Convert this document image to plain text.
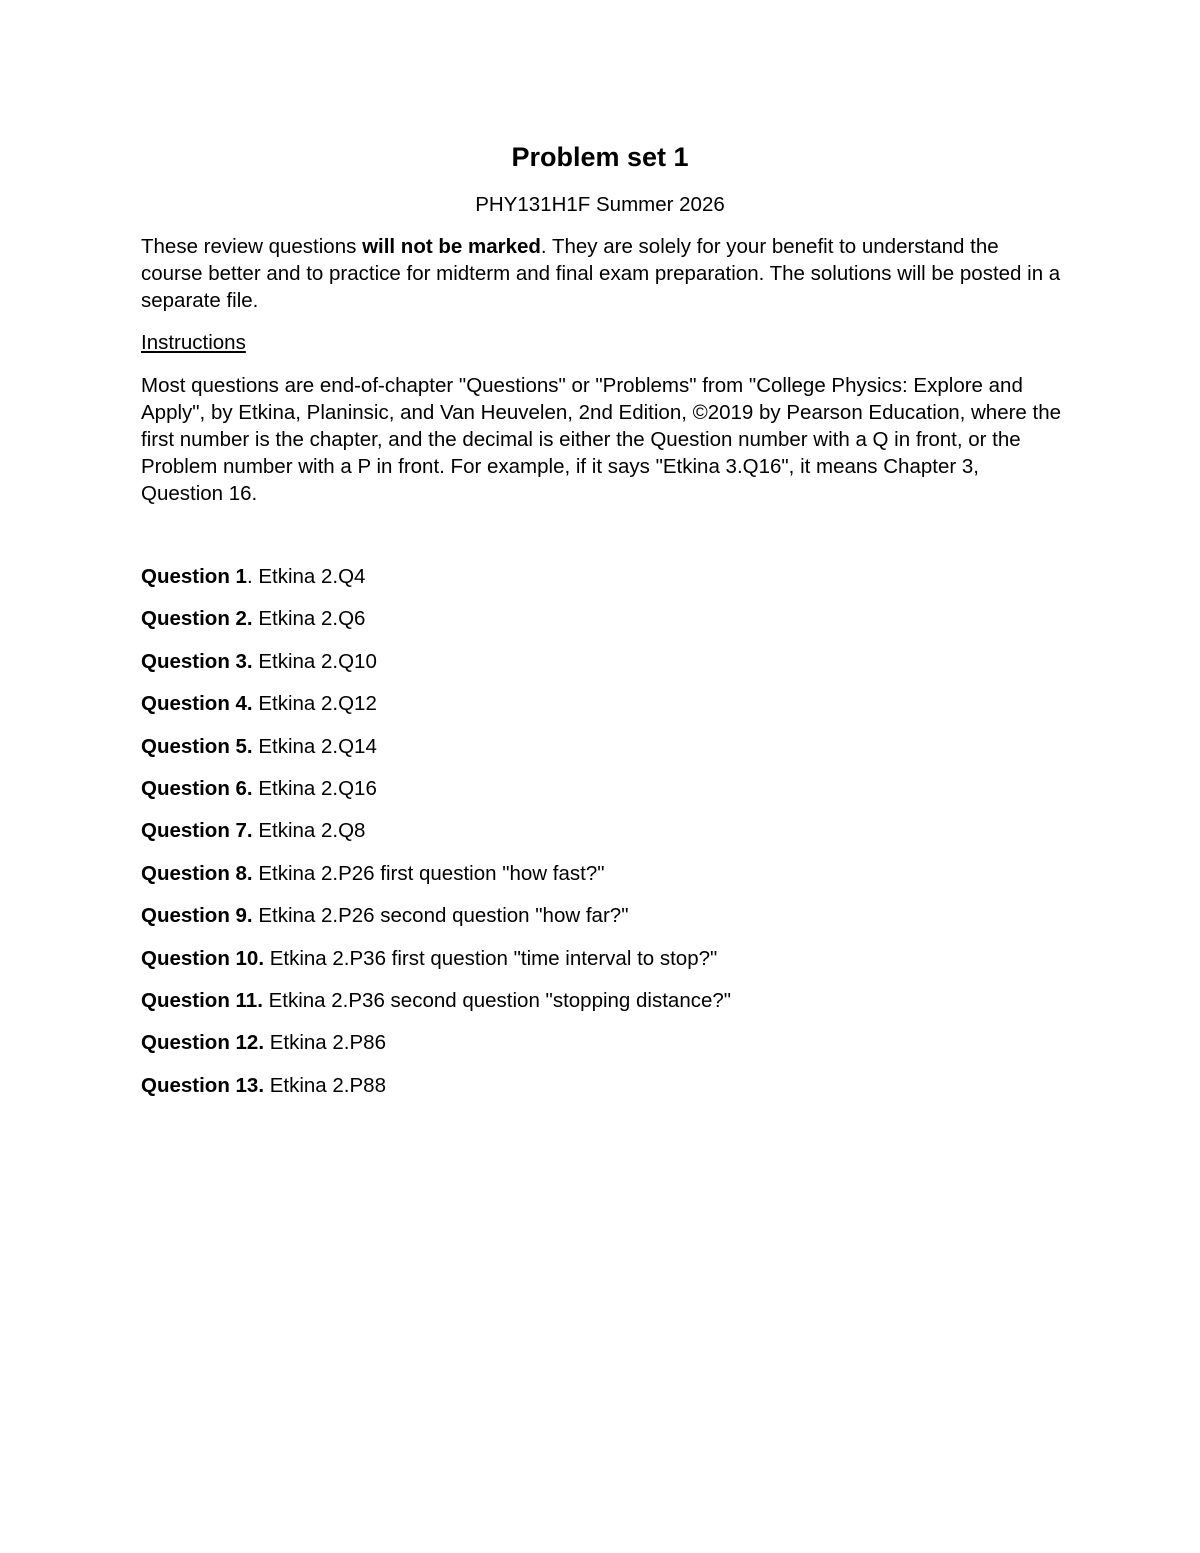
Problem set 1
PHY131H1F Summer 2026
These review questions will not be marked. They are solely for your benefit to understand the course better and to practice for midterm and final exam preparation. The solutions will be posted in a separate file.
Instructions
Most questions are end-of-chapter "Questions" or "Problems" from "College Physics: Explore and Apply", by Etkina, Planinsic, and Van Heuvelen, 2nd Edition, ©2019 by Pearson Education, where the first number is the chapter, and the decimal is either the Question number with a Q in front, or the Problem number with a P in front. For example, if it says "Etkina 3.Q16", it means Chapter 3, Question 16.
Question 1. Etkina 2.Q4
Question 2. Etkina 2.Q6
Question 3. Etkina 2.Q10
Question 4. Etkina 2.Q12
Question 5. Etkina 2.Q14
Question 6. Etkina 2.Q16
Question 7. Etkina 2.Q8
Question 8. Etkina 2.P26 first question "how fast?"
Question 9. Etkina 2.P26 second question "how far?"
Question 10. Etkina 2.P36 first question "time interval to stop?"
Question 11. Etkina 2.P36 second question "stopping distance?"
Question 12. Etkina 2.P86
Question 13. Etkina 2.P88
